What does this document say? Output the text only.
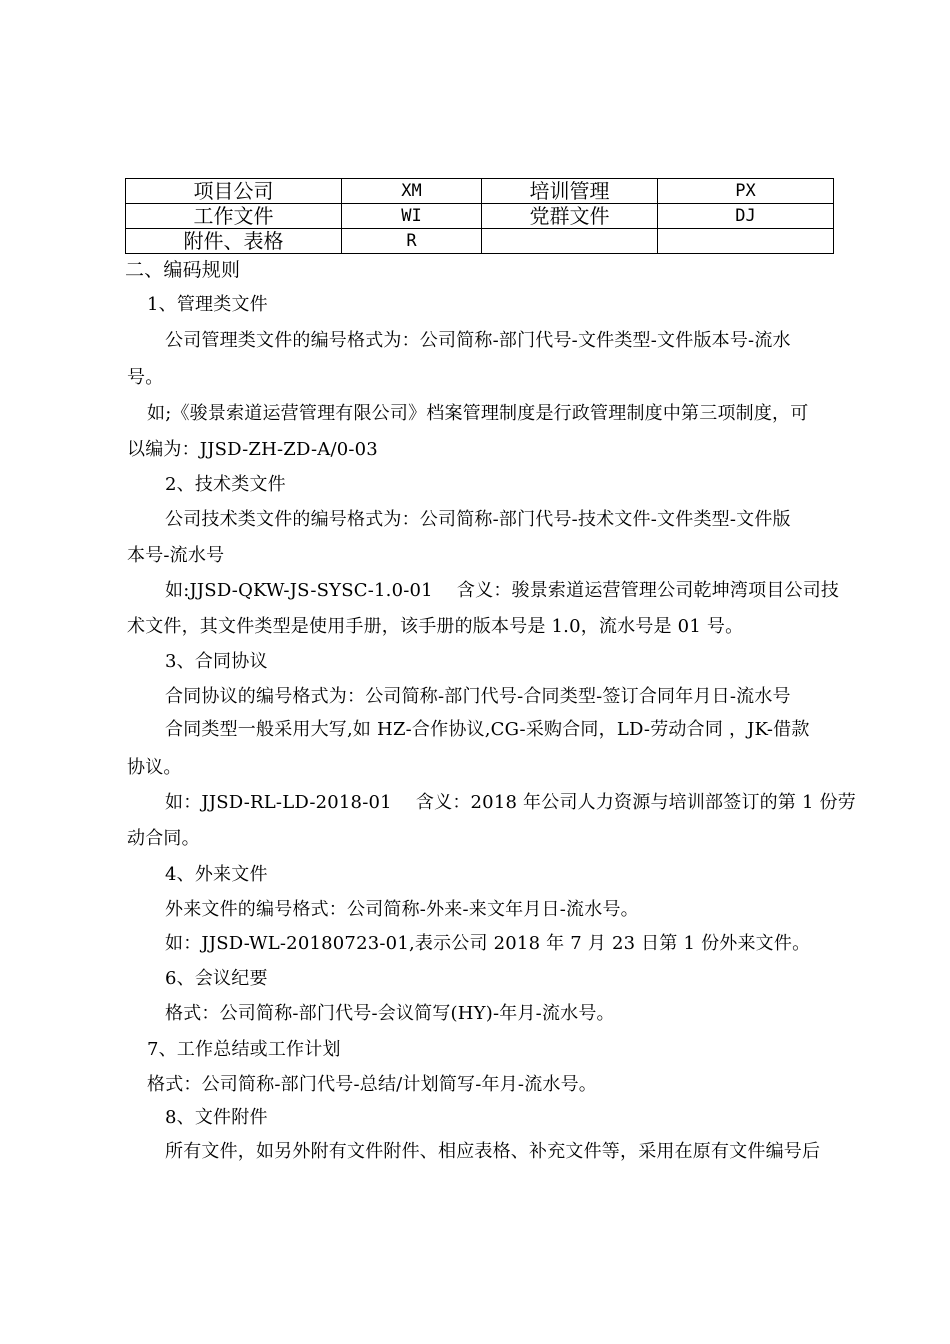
项目公司	XM	培训管理	PX
工作文件	WI	党群文件	DJ
附件、表格	R		
二、编码规则
1、管理类文件
公司管理类文件的编号格式为：公司简称-部门代号-文件类型-文件版本号-流水
号。
如;《骏景索道运营管理有限公司》档案管理制度是行政管理制度中第三项制度，可
以编为：JJSD-ZH-ZD-A/0-03
2、技术类文件
公司技术类文件的编号格式为：公司简称-部门代号-技术文件-文件类型-文件版
本号-流水号
如:JJSD-QKW-JS-SYSC-1.0-01　 含义：骏景索道运营管理公司乾坤湾项目公司技
术文件，其文件类型是使用手册，该手册的版本号是 1.0，流水号是 01 号。
3、合同协议
合同协议的编号格式为：公司简称-部门代号-合同类型-签订合同年月日-流水号
合同类型一般采用大写,如 HZ-合作协议,CG-采购合同，LD-劳动合同 ，JK-借款
协议。
如：JJSD-RL-LD-2018-01　 含义：2018 年公司人力资源与培训部签订的第 1 份劳
动合同。
4、外来文件
外来文件的编号格式：公司简称-外来-来文年月日-流水号。
如：JJSD-WL-20180723-01,表示公司 2018 年 7 月 23 日第 1 份外来文件。
6、会议纪要
格式：公司简称-部门代号-会议简写(HY)-年月-流水号。
7、工作总结或工作计划
格式：公司简称-部门代号-总结/计划简写-年月-流水号。
8、文件附件
所有文件，如另外附有文件附件、相应表格、补充文件等，采用在原有文件编号后
